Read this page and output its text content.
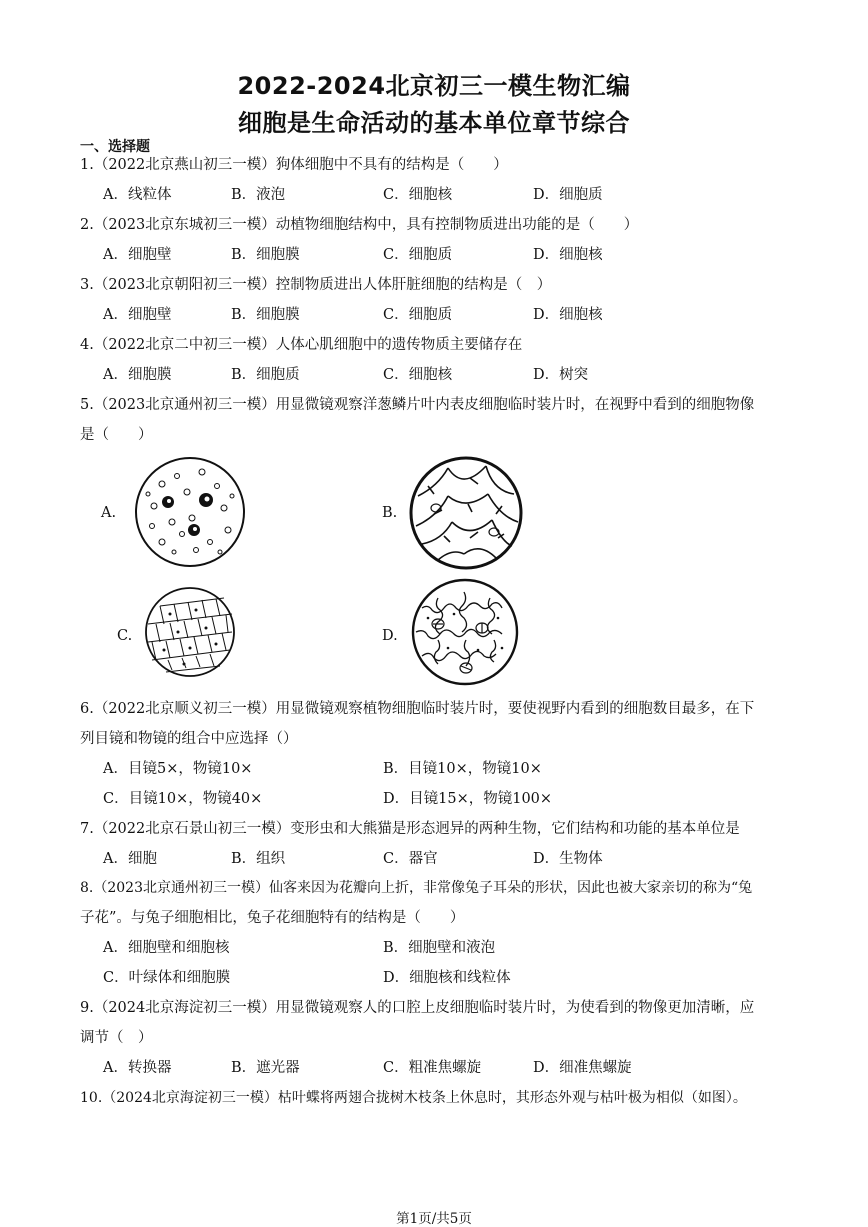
2022-2024北京初三一模生物汇编
细胞是生命活动的基本单位章节综合
一、选择题
1.（2022北京燕山初三一模）狗体细胞中不具有的结构是（　　）
A．线粒体	B．液泡	C．细胞核	D．细胞质
2.（2023北京东城初三一模）动植物细胞结构中，具有控制物质进出功能的是（　　）
A．细胞壁	B．细胞膜	C．细胞质	D．细胞核
3.（2023北京朝阳初三一模）控制物质进出人体肝脏细胞的结构是（　）
A．细胞壁	B．细胞膜	C．细胞质	D．细胞核
4.（2022北京二中初三一模）人体心肌细胞中的遗传物质主要储存在
A．细胞膜	B．细胞质	C．细胞核	D．树突
5.（2023北京通州初三一模）用显微镜观察洋葱鳞片叶内表皮细胞临时装片时，在视野中看到的细胞物像
是（　　）
A.	B.
C.	D.
6.（2022北京顺义初三一模）用显微镜观察植物细胞临时装片时，要使视野内看到的细胞数目最多，在下
列目镜和物镜的组合中应选择（）
A．目镜5×，物镜10×	B．目镜10×，物镜10×
C．目镜10×，物镜40×	D．目镜15×，物镜100×
7.（2022北京石景山初三一模）变形虫和大熊猫是形态迥异的两种生物，它们结构和功能的基本单位是
A．细胞	B．组织	C．器官	D．生物体
8.（2023北京通州初三一模）仙客来因为花瓣向上折，非常像兔子耳朵的形状，因此也被大家亲切的称为“兔
子花”。与兔子细胞相比，兔子花细胞特有的结构是（　　）
A．细胞壁和细胞核	B．细胞壁和液泡
C．叶绿体和细胞膜	D．细胞核和线粒体
9.（2024北京海淀初三一模）用显微镜观察人的口腔上皮细胞临时装片时，为使看到的物像更加清晰，应
调节（　）
A．转换器	B．遮光器	C．粗准焦螺旋	D．细准焦螺旋
10.（2024北京海淀初三一模）枯叶蝶将两翅合拢树木枝条上休息时，其形态外观与枯叶极为相似（如图）。
第1页/共5页
